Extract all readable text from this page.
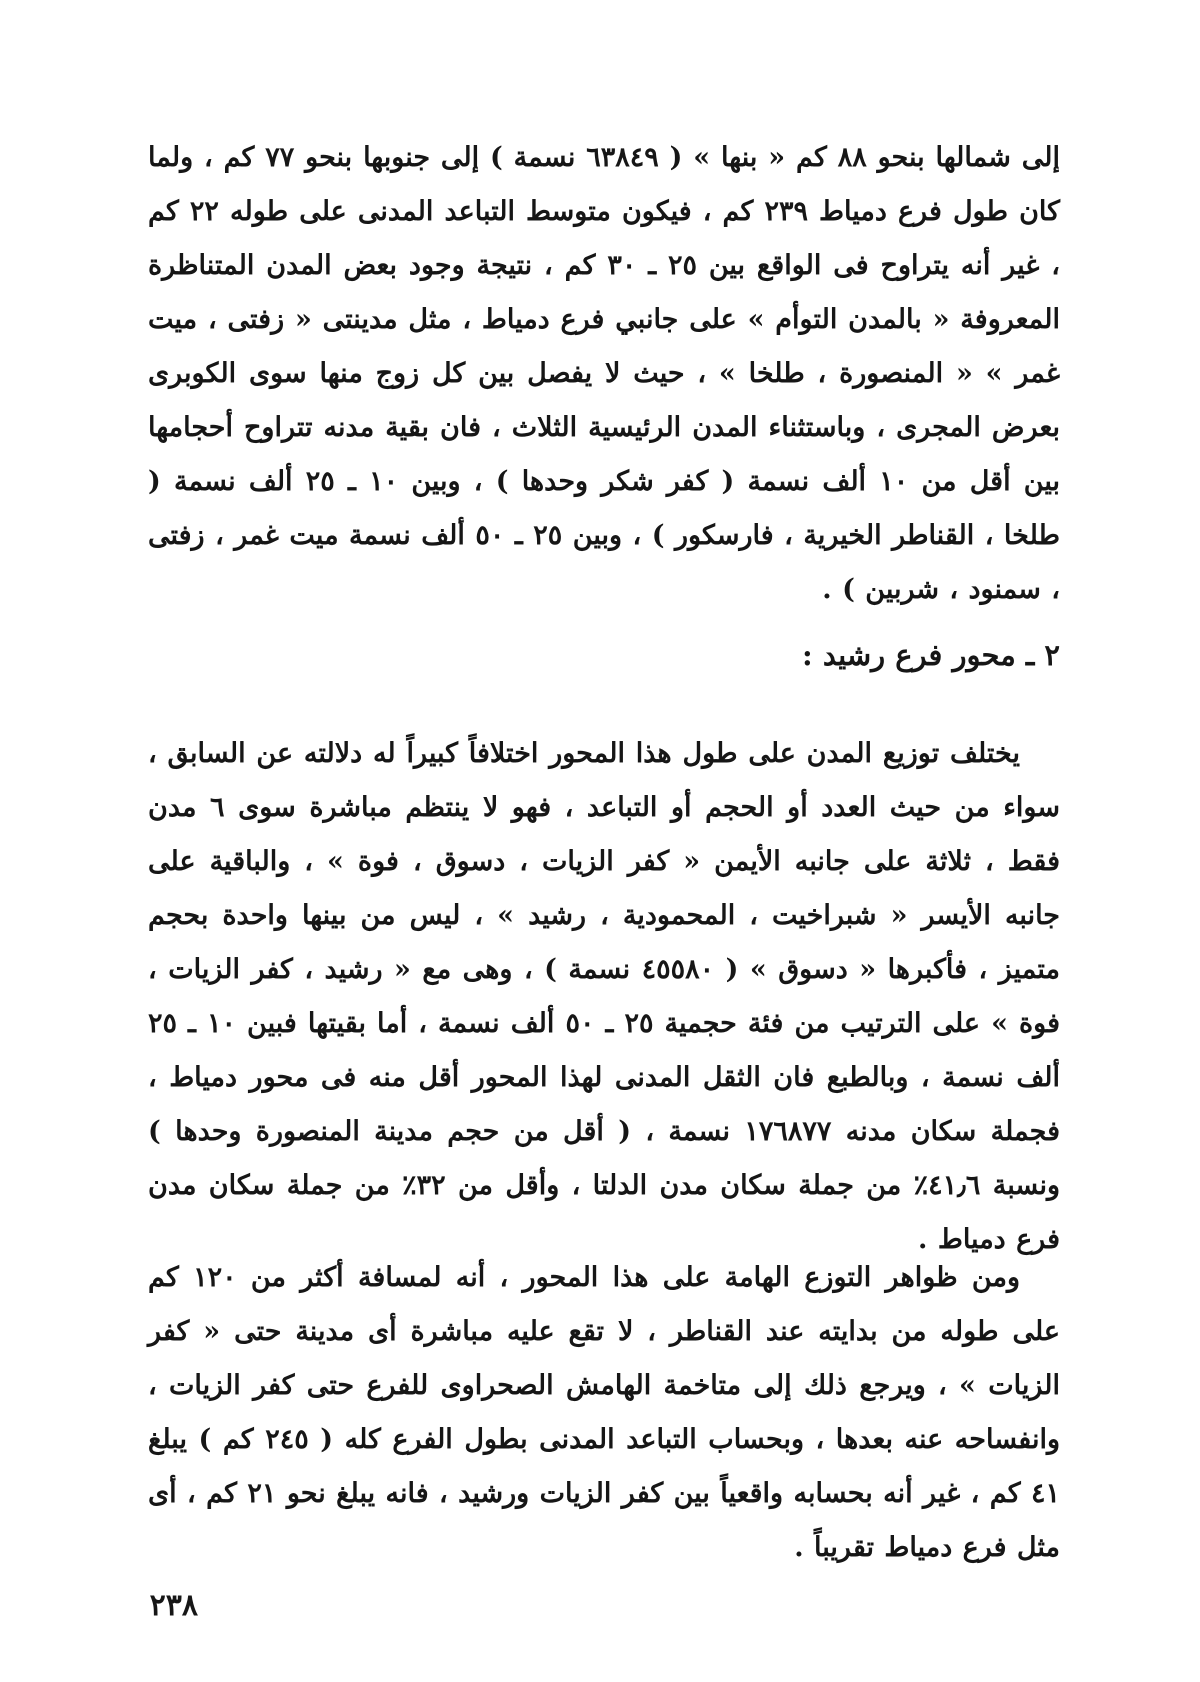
إلى شمالها بنحو ٨٨ كم « بنها » ( ٦٣٨٤٩ نسمة ) إلى جنوبها بنحو ٧٧ كم ، ولما كان طول فرع دمياط ٢٣٩ كم ، فيكون متوسط التباعد المدنى على طوله ٢٢ كم ، غير أنه يتراوح فى الواقع بين ٢٥ ـ ٣٠ كم ، نتيجة وجود بعض المدن المتناظرة المعروفة « بالمدن التوأم » على جانبي فرع دمياط ، مثل مدينتى « زفتى ، ميت غمر » « المنصورة ، طلخا » ، حيث لا يفصل بين كل زوج منها سوى الكوبرى بعرض المجرى ، وباستثناء المدن الرئيسية الثلاث ، فان بقية مدنه تتراوح أحجامها بين أقل من ١٠ ألف نسمة ( كفر شكر وحدها ) ، وبين ١٠ ـ ٢٥ ألف نسمة ( طلخا ، القناطر الخيرية ، فارسكور ) ، وبين ٢٥ ـ ٥٠ ألف نسمة ميت غمر ، زفتى ، سمنود ، شربين ) .

٢ ـ محور فرع رشيد :

يختلف توزيع المدن على طول هذا المحور اختلافاً كبيراً له دلالته عن السابق ، سواء من حيث العدد أو الحجم أو التباعد ، فهو لا ينتظم مباشرة سوى ٦ مدن فقط ، ثلاثة على جانبه الأيمن « كفر الزيات ، دسوق ، فوة » ، والباقية على جانبه الأيسر « شبراخيت ، المحمودية ، رشيد » ، ليس من بينها واحدة بحجم متميز ، فأكبرها « دسوق » ( ٤٥٥٨٠ نسمة ) ، وهى مع « رشيد ، كفر الزيات ، فوة » على الترتيب من فئة حجمية ٢٥ ـ ٥٠ ألف نسمة ، أما بقيتها فبين ١٠ ـ ٢٥ ألف نسمة ، وبالطبع فان الثقل المدنى لهذا المحور أقل منه فى محور دمياط ، فجملة سكان مدنه ١٧٦٨٧٧ نسمة ، ( أقل من حجم مدينة المنصورة وحدها ) ونسبة ٤١٫٦٪ من جملة سكان مدن الدلتا ، وأقل من ٣٢٪ من جملة سكان مدن فرع دمياط .

ومن ظواهر التوزع الهامة على هذا المحور ، أنه لمسافة أكثر من ١٢٠ كم على طوله من بدايته عند القناطر ، لا تقع عليه مباشرة أى مدينة حتى « كفر الزيات » ، ويرجع ذلك إلى متاخمة الهامش الصحراوى للفرع حتى كفر الزيات ، وانفساحه عنه بعدها ، وبحساب التباعد المدنى بطول الفرع كله ( ٢٤٥ كم ) يبلغ ٤١ كم ، غير أنه بحسابه واقعياً بين كفر الزيات ورشيد ، فانه يبلغ نحو ٢١ كم ، أى مثل فرع دمياط تقريباً .

٢٣٨
